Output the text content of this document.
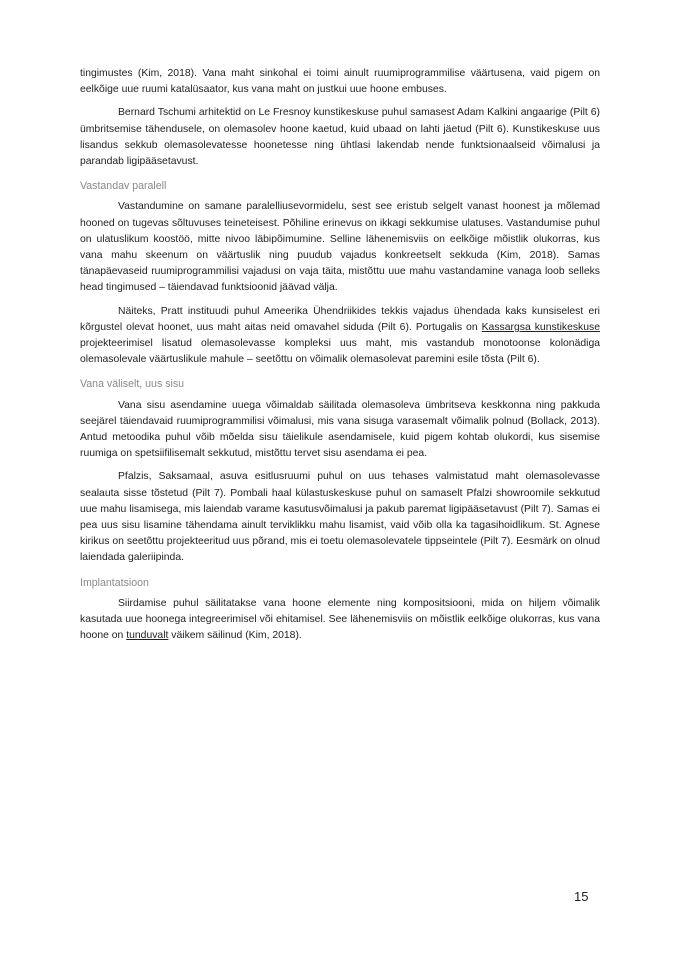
tingimustes (Kim, 2018). Vana maht sinkohal ei toimi ainult ruumiprogrammilise väärtusena, vaid pigem on eelkõige uue ruumi katalüsaator, kus vana maht on justkui uue hoone embuses.

Bernard Tschumi arhitektid on Le Fresnoy kunstikeskuse puhul samasest Adam Kalkini angaarige (Pilt 6) ümbritsemise tähendusele, on olemasolev hoone kaetud, kuid ubaad on lahti jäetud (Pilt 6). Kunstikeskuse uus lisandus sekkub olemasolevatesse hoonetesse ning ühtlasi lakendab nende funktsionaalseid võimalusi ja parandab ligipääsetavust.

Vastandav paralell

Vastandumine on samane paralelliusevormidelu, sest see eristub selgelt vanast hoonest ja mõlemad hooned on tugevas sõltuvuses teineteisest. Põhiline erinevus on ikkagi sekkumise ulatuses. Vastandumise puhul on ulatuslikum koostöö, mitte nivoo läbipõimumine. Selline lähenemisviis on eelkõige mõistlik olukorras, kus vana mahu skeenum on väärtuslik ning puudub vajadus konkreetselt sekkuda (Kim, 2018). Samas tänapäevaseid ruumiprogrammilisi vajadusi on vaja täita, mistõttu uue mahu vastandamine vanaga loob selleks head tingimused – täiendavad funktsioonid jäävad välja.

Näiteks, Pratt instituudi puhul Ameerika Ühendriikides tekkis vajadus ühendada kaks kunsiselest eri kõrgustel olevat hoonet, uus maht aitas neid omavahel siduda (Pilt 6). Portugalis on Kassargsa kunstikeskuse projekteerimisel lisatud olemasolevasse kompleksi uus maht, mis vastandub monotoonse kolonädiga olemasolevale väärtuslikule mahule – seetõttu on võimalik olemasolevat paremini esile tõsta (Pilt 6).

Vana väliselt, uus sisu

Vana sisu asendamine uuega võimaldab säilitada olemasoleva ümbritseva keskkonna ning pakkuda seejärel täiendavaid ruumiprogrammilisi võimalusi, mis vana sisuga varasemalt võimalik polnud (Bollack, 2013). Antud metoodika puhul võib mõelda sisu täielikule asendamisele, kuid pigem kohtab olukordi, kus sisemise ruumiga on spetsiifilisemalt sekkutud, mistõttu tervet sisu asendama ei pea.

Pfalzis, Saksamaal, asuva esitlusruumi puhul on uus tehases valmistatud maht olemasolevasse sealauta sisse tõstetud (Pilt 7). Pombali haal külastuskeskuse puhul on samaselt Pfalzi showroomile sekkutud uue mahu lisamisega, mis laiendab varame kasutusvõimalusi ja pakub paremat ligipääsetavust (Pilt 7). Samas ei pea uus sisu lisamine tähendama ainult terviklikku mahu lisamist, vaid võib olla ka tagasihoidlikum. St. Agnese kirikus on seetõttu projekteeritud uus põrand, mis ei toetu olemasolevatele tippseintele (Pilt 7). Eesmärk on olnud laiendada galeriipinda.

Implantatsioon

Siirdamise puhul säilitatakse vana hoone elemente ning kompositsiooni, mida on hiljem võimalik kasutada uue hoonega integreerimisel või ehitamisel. See lähenemisviis on mõistlik eelkõige olukorras, kus vana hoone on tunduvalt väikem säilinud (Kim, 2018).

15
